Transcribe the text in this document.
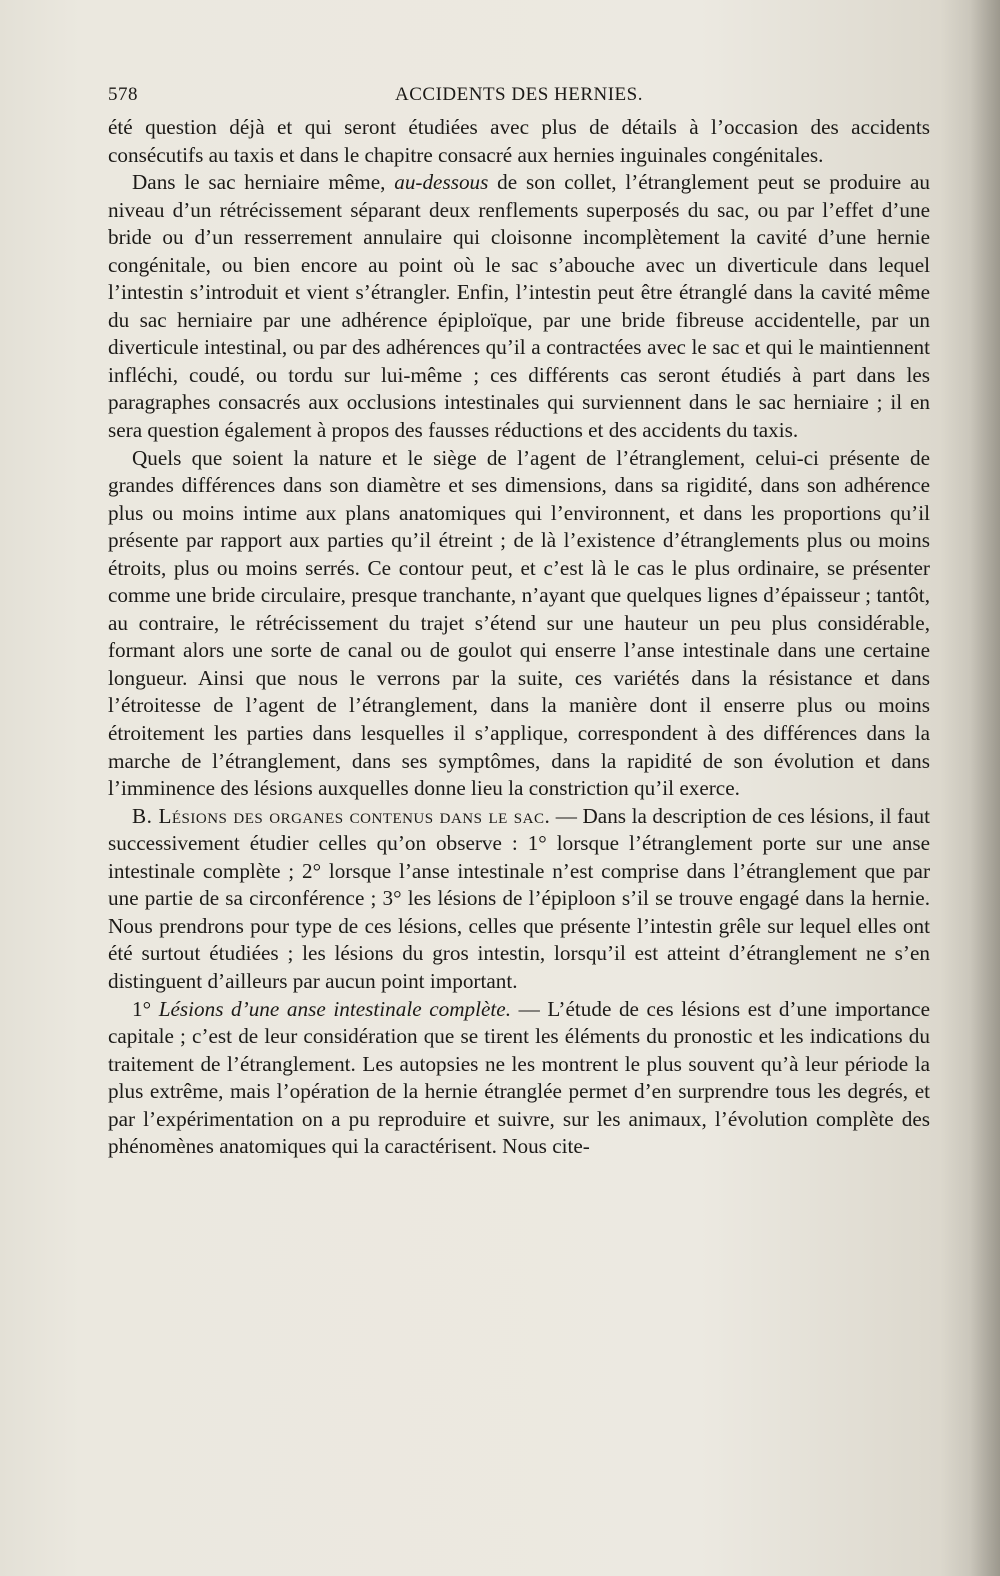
578	ACCIDENTS DES HERNIES.

été question déjà et qui seront étudiées avec plus de détails à l’occasion des accidents consécutifs au taxis et dans le chapitre consacré aux hernies inguinales congénitales.

Dans le sac herniaire même, au-dessous de son collet, l’étranglement peut se produire au niveau d’un rétrécissement séparant deux renflements superposés du sac, ou par l’effet d’une bride ou d’un resserrement annulaire qui cloisonne incomplètement la cavité d’une hernie congénitale, ou bien encore au point où le sac s’abouche avec un diverticule dans lequel l’intestin s’introduit et vient s’étrangler. Enfin, l’intestin peut être étranglé dans la cavité même du sac herniaire par une adhérence épiploïque, par une bride fibreuse accidentelle, par un diverticule intestinal, ou par des adhérences qu’il a contractées avec le sac et qui le maintiennent infléchi, coudé, ou tordu sur lui-même ; ces différents cas seront étudiés à part dans les paragraphes consacrés aux occlusions intestinales qui surviennent dans le sac herniaire ; il en sera question également à propos des fausses réductions et des accidents du taxis.

Quels que soient la nature et le siège de l’agent de l’étranglement, celui-ci présente de grandes différences dans son diamètre et ses dimensions, dans sa rigidité, dans son adhérence plus ou moins intime aux plans anatomiques qui l’environnent, et dans les proportions qu’il présente par rapport aux parties qu’il étreint ; de là l’existence d’étranglements plus ou moins étroits, plus ou moins serrés. Ce contour peut, et c’est là le cas le plus ordinaire, se présenter comme une bride circulaire, presque tranchante, n’ayant que quelques lignes d’épaisseur ; tantôt, au contraire, le rétrécissement du trajet s’étend sur une hauteur un peu plus considérable, formant alors une sorte de canal ou de goulot qui enserre l’anse intestinale dans une certaine longueur. Ainsi que nous le verrons par la suite, ces variétés dans la résistance et dans l’étroitesse de l’agent de l’étranglement, dans la manière dont il enserre plus ou moins étroitement les parties dans lesquelles il s’applique, correspondent à des différences dans la marche de l’étranglement, dans ses symptômes, dans la rapidité de son évolution et dans l’imminence des lésions auxquelles donne lieu la constriction qu’il exerce.

B. Lésions des organes contenus dans le sac. — Dans la description de ces lésions, il faut successivement étudier celles qu’on observe : 1° lorsque l’étranglement porte sur une anse intestinale complète ; 2° lorsque l’anse intestinale n’est comprise dans l’étranglement que par une partie de sa circonférence ; 3° les lésions de l’épiploon s’il se trouve engagé dans la hernie. Nous prendrons pour type de ces lésions, celles que présente l’intestin grêle sur lequel elles ont été surtout étudiées ; les lésions du gros intestin, lorsqu’il est atteint d’étranglement ne s’en distinguent d’ailleurs par aucun point important.

1° Lésions d’une anse intestinale complète. — L’étude de ces lésions est d’une importance capitale ; c’est de leur considération que se tirent les éléments du pronostic et les indications du traitement de l’étranglement. Les autopsies ne les montrent le plus souvent qu’à leur période la plus extrême, mais l’opération de la hernie étranglée permet d’en surprendre tous les degrés, et par l’expérimentation on a pu reproduire et suivre, sur les animaux, l’évolution complète des phénomènes anatomiques qui la caractérisent. Nous cite-
